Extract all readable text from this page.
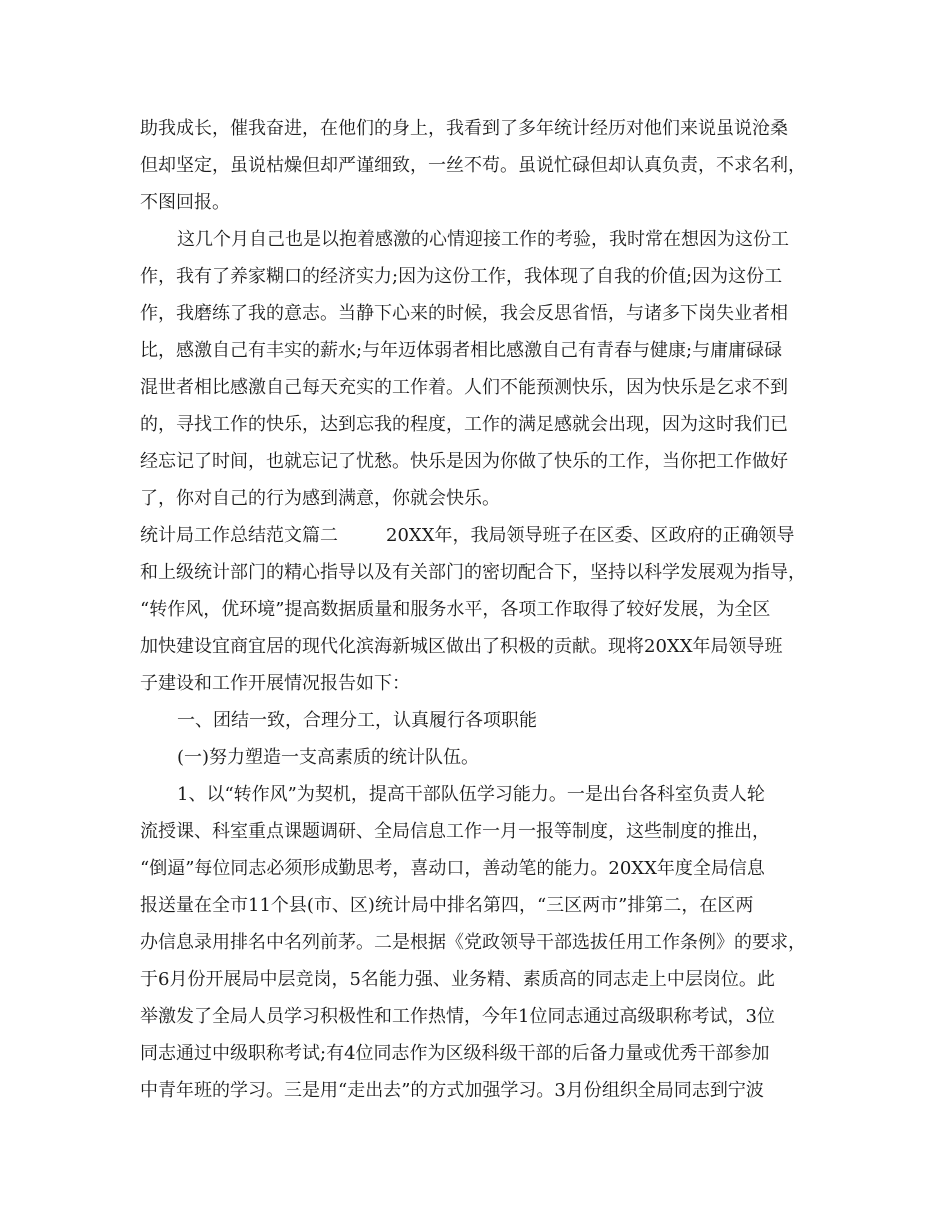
助我成长，催我奋进，在他们的身上，我看到了多年统计经历对他们来说虽说沧桑
但却坚定，虽说枯燥但却严谨细致，一丝不苟。虽说忙碌但却认真负责，不求名利，
不图回报。
这几个月自己也是以抱着感激的心情迎接工作的考验，我时常在想因为这份工
作，我有了养家糊口的经济实力;因为这份工作，我体现了自我的价值;因为这份工
作，我磨练了我的意志。当静下心来的时候，我会反思省悟，与诸多下岗失业者相
比，感激自己有丰实的薪水;与年迈体弱者相比感激自己有青春与健康;与庸庸碌碌
混世者相比感激自己每天充实的工作着。人们不能预测快乐，因为快乐是乞求不到
的，寻找工作的快乐，达到忘我的程度，工作的满足感就会出现，因为这时我们已
经忘记了时间，也就忘记了忧愁。快乐是因为你做了快乐的工作，当你把工作做好
了，你对自己的行为感到满意，你就会快乐。
统计局工作总结范文篇二	20XX年，我局领导班子在区委、区政府的正确领导
和上级统计部门的精心指导以及有关部门的密切配合下，坚持以科学发展观为指导，
“转作风，优环境”提高数据质量和服务水平，各项工作取得了较好发展，为全区
加快建设宜商宜居的现代化滨海新城区做出了积极的贡献。现将20XX年局领导班
子建设和工作开展情况报告如下：
一、团结一致，合理分工，认真履行各项职能
(一)努力塑造一支高素质的统计队伍。
1、以“转作风”为契机，提高干部队伍学习能力。一是出台各科室负责人轮
流授课、科室重点课题调研、全局信息工作一月一报等制度，这些制度的推出，
“倒逼”每位同志必须形成勤思考，喜动口，善动笔的能力。20XX年度全局信息
报送量在全市11个县(市、区)统计局中排名第四，“三区两市”排第二，在区两
办信息录用排名中名列前茅。二是根据《党政领导干部选拔任用工作条例》的要求，
于6月份开展局中层竞岗，5名能力强、业务精、素质高的同志走上中层岗位。此
举激发了全局人员学习积极性和工作热情，今年1位同志通过高级职称考试，3位
同志通过中级职称考试;有4位同志作为区级科级干部的后备力量或优秀干部参加
中青年班的学习。三是用“走出去”的方式加强学习。3月份组织全局同志到宁波
